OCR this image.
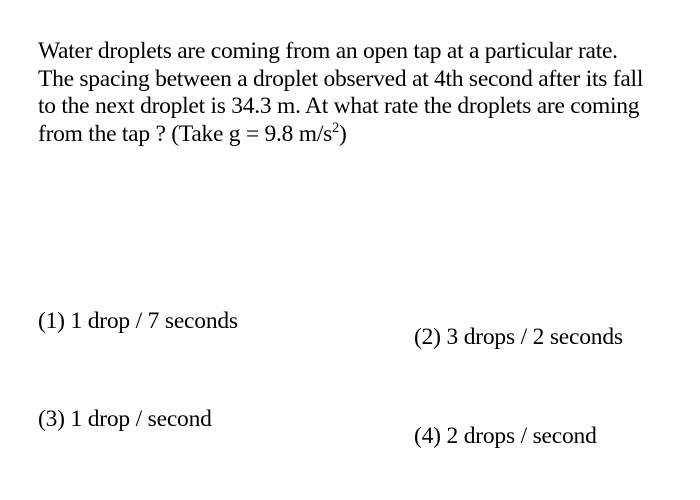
Water droplets are coming from an open tap at a particular rate.
The spacing between a droplet observed at 4th second after its fall
to the next droplet is 34.3 m. At what rate the droplets are coming
from the tap ? (Take g = 9.8 $m/s^2$)
(1) 1 drop / 7 seconds
(2) 3 drops / 2 seconds
(3) 1 drop / second
(4) 2 drops / second
